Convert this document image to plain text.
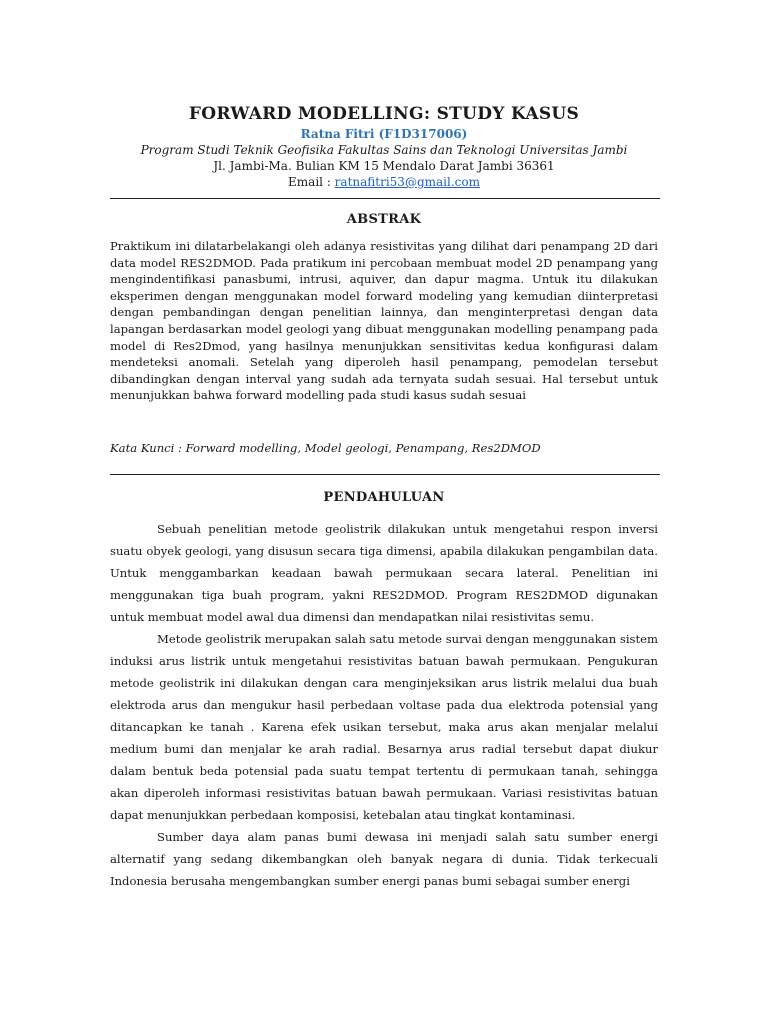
FORWARD MODELLING: STUDY KASUS
Ratna Fitri (F1D317006)
Program Studi Teknik Geofisika Fakultas Sains dan Teknologi Universitas Jambi
Jl. Jambi-Ma. Bulian KM 15 Mendalo Darat Jambi 36361
Email : ratnafitri53@gmail.com
ABSTRAK

Praktikum ini dilatarbelakangi oleh adanya resistivitas yang dilihat dari penampang 2D dari data model RES2DMOD. Pada pratikum ini percobaan membuat model 2D penampang yang mengindentifikasi panasbumi, intrusi, aquiver, dan dapur magma. Untuk itu dilakukan eksperimen dengan menggunakan model forward modeling yang kemudian diinterpretasi dengan pembandingan dengan penelitian lainnya, dan menginterpretasi dengan data lapangan berdasarkan model geologi yang dibuat menggunakan modelling penampang pada model di Res2Dmod, yang hasilnya menunjukkan sensitivitas kedua konfigurasi dalam mendeteksi anomali. Setelah yang diperoleh hasil penampang, pemodelan tersebut dibandingkan dengan interval yang sudah ada ternyata sudah sesuai. Hal tersebut untuk menunjukkan bahwa forward modelling pada studi kasus sudah sesuai

Kata Kunci : Forward modelling, Model geologi, Penampang, Res2DMOD

PENDAHULUAN

Sebuah penelitian metode geolistrik dilakukan untuk mengetahui respon inversi suatu obyek geologi, yang disusun secara tiga dimensi, apabila dilakukan pengambilan data. Untuk menggambarkan keadaan bawah permukaan secara lateral. Penelitian ini menggunakan tiga buah program, yakni RES2DMOD. Program RES2DMOD digunakan untuk membuat model awal dua dimensi dan mendapatkan nilai resistivitas semu.

Metode geolistrik merupakan salah satu metode survai dengan menggunakan sistem induksi arus listrik untuk mengetahui resistivitas batuan bawah permukaan. Pengukuran metode geolistrik ini dilakukan dengan cara menginjeksikan arus listrik melalui dua buah elektroda arus dan mengukur hasil perbedaan voltase pada dua elektroda potensial yang ditancapkan ke tanah . Karena efek usikan tersebut, maka arus akan menjalar melalui medium bumi dan menjalar ke arah radial. Besarnya arus radial tersebut dapat diukur dalam bentuk beda potensial pada suatu tempat tertentu di permukaan tanah, sehingga akan diperoleh informasi resistivitas batuan bawah permukaan. Variasi resistivitas batuan dapat menunjukkan perbedaan komposisi, ketebalan atau tingkat kontaminasi.

Sumber daya alam panas bumi dewasa ini menjadi salah satu sumber energi alternatif yang sedang dikembangkan oleh banyak negara di dunia. Tidak terkecuali Indonesia berusaha mengembangkan sumber energi panas bumi sebagai sumber energi
